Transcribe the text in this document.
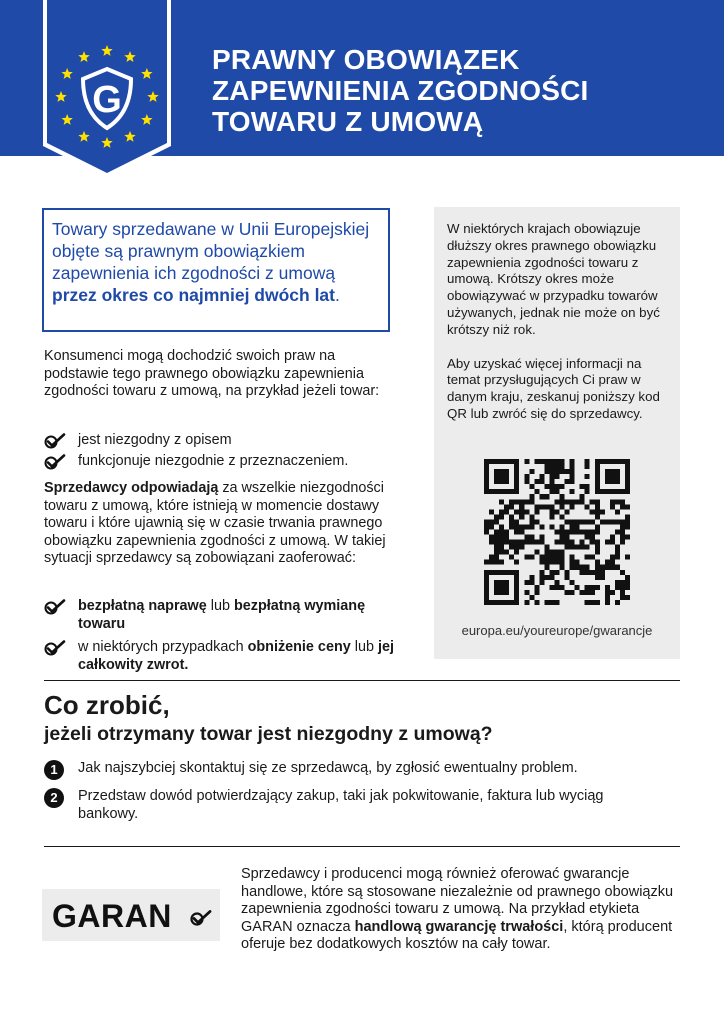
PRAWNY OBOWIĄZEK
ZAPEWNIENIA ZGODNOŚCI
TOWARU Z UMOWĄ
G
Towary sprzedawane w Unii Europejskiej objęte są prawnym obowiązkiem zapewnienia ich zgodności z umową przez okres co najmniej dwóch lat.
Konsumenci mogą dochodzić swoich praw na podstawie tego prawnego obowiązku zapewnienia zgodności towaru z umową, na przykład jeżeli towar:
jest niezgodny z opisem
funkcjonuje niezgodnie z przeznaczeniem.
Sprzedawcy odpowiadają za wszelkie niezgodności towaru z umową, które istnieją w momencie dostawy towaru i które ujawnią się w czasie trwania prawnego obowiązku zapewnienia zgodności z umową. W takiej sytuacji sprzedawcy są zobowiązani zaoferować:
bezpłatną naprawę lub bezpłatną wymianę towaru
w niektórych przypadkach obniżenie ceny lub jej całkowity zwrot.

W niektórych krajach obowiązuje dłuższy okres prawnego obowiązku zapewnienia zgodności towaru z umową. Krótszy okres może obowiązywać w przypadku towarów używanych, jednak nie może on być krótszy niż rok.

Aby uzyskać więcej informacji na temat przysługujących Ci praw w danym kraju, zeskanuj poniższy kod QR lub zwróć się do sprzedawcy.

europa.eu/youreurope/gwarancje
Co zrobić,
jeżeli otrzymany towar jest niezgodny z umową?
1	Jak najszybciej skontaktuj się ze sprzedawcą, by zgłosić ewentualny problem.
2	Przedstaw dowód potwierdzający zakup, taki jak pokwitowanie, faktura lub wyciąg bankowy.
GARAN
Sprzedawcy i producenci mogą również oferować gwarancje handlowe, które są stosowane niezależnie od prawnego obowiązku zapewnienia zgodności towaru z umową. Na przykład etykieta GARAN oznacza handlową gwarancję trwałości, którą producent oferuje bez dodatkowych kosztów na cały towar.
